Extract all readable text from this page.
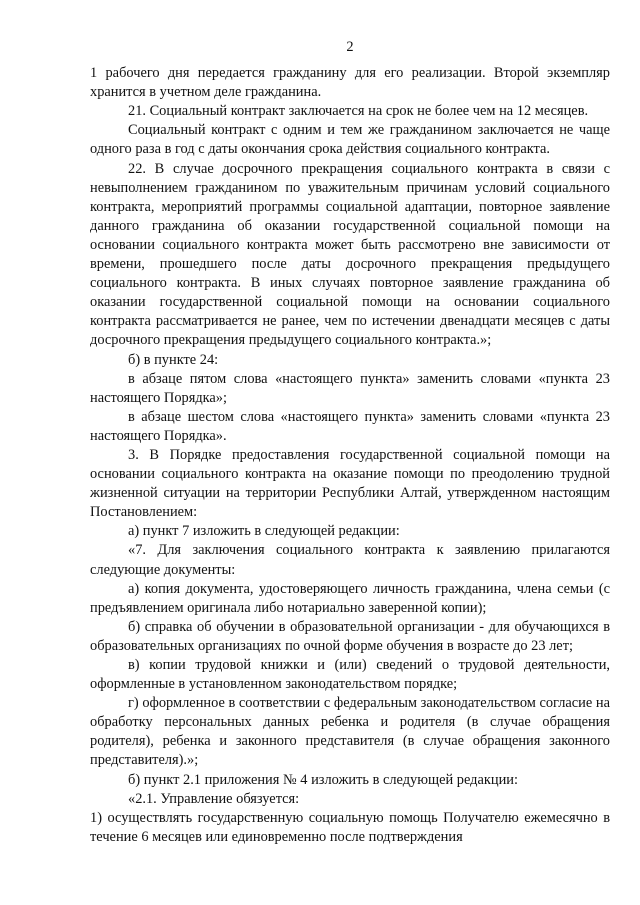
2

1 рабочего дня передается гражданину для его реализации. Второй экземпляр хранится в учетном деле гражданина.

21. Социальный контракт заключается на срок не более чем на 12 месяцев.

Социальный контракт с одним и тем же гражданином заключается не чаще одного раза в год с даты окончания срока действия социального контракта.

22. В случае досрочного прекращения социального контракта в связи с невыполнением гражданином по уважительным причинам условий социального контракта, мероприятий программы социальной адаптации, повторное заявление данного гражданина об оказании государственной социальной помощи на основании социального контракта может быть рассмотрено вне зависимости от времени, прошедшего после даты досрочного прекращения предыдущего социального контракта. В иных случаях повторное заявление гражданина об оказании государственной социальной помощи на основании социального контракта рассматривается не ранее, чем по истечении двенадцати месяцев с даты досрочного прекращения предыдущего социального контракта.»;

б) в пункте 24:

в абзаце пятом слова «настоящего пункта» заменить словами «пункта 23 настоящего Порядка»;

в абзаце шестом слова «настоящего пункта» заменить словами «пункта 23 настоящего Порядка».

3. В Порядке предоставления государственной социальной помощи на основании социального контракта на оказание помощи по преодолению трудной жизненной ситуации на территории Республики Алтай, утвержденном настоящим Постановлением:

а) пункт 7 изложить в следующей редакции:

«7. Для заключения социального контракта к заявлению прилагаются следующие документы:

а) копия документа, удостоверяющего личность гражданина, члена семьи (с предъявлением оригинала либо нотариально заверенной копии);

б) справка об обучении в образовательной организации - для обучающихся в образовательных организациях по очной форме обучения в возрасте до 23 лет;

в) копии трудовой книжки и (или) сведений о трудовой деятельности, оформленные в установленном законодательством порядке;

г) оформленное в соответствии с федеральным законодательством согласие на обработку персональных данных ребенка и родителя (в случае обращения родителя), ребенка и законного представителя (в случае обращения законного представителя).»;

б) пункт 2.1 приложения № 4 изложить в следующей редакции:

«2.1. Управление обязуется:

1) осуществлять государственную социальную помощь Получателю ежемесячно в течение 6 месяцев или единовременно после подтверждения
